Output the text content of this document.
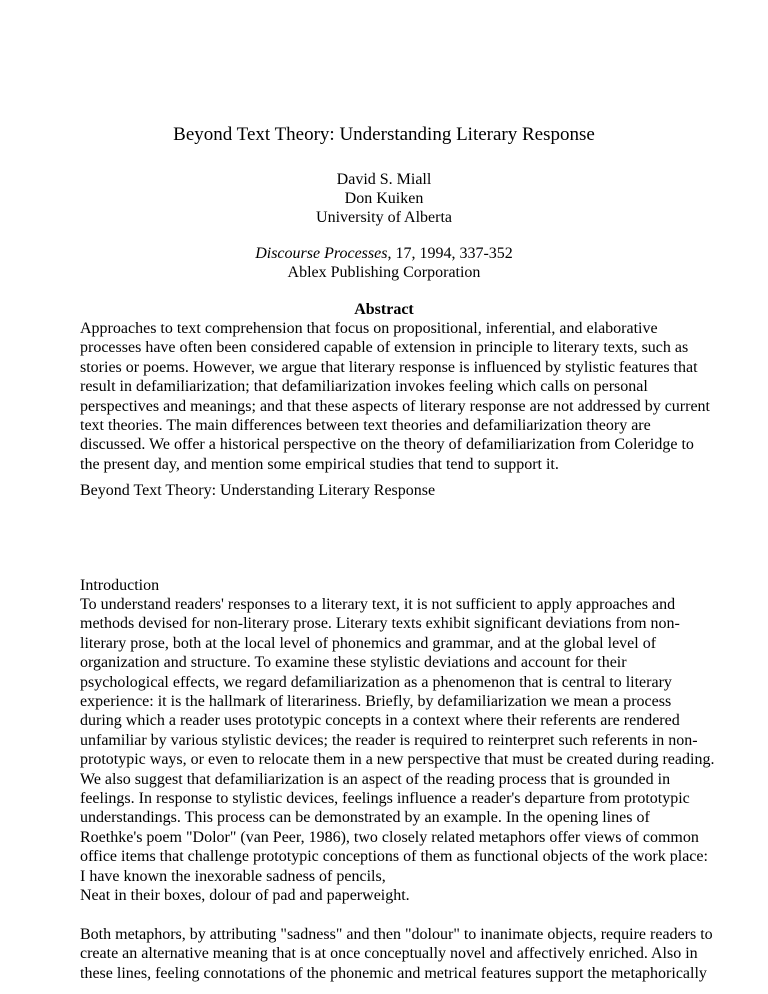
Beyond Text Theory: Understanding Literary Response
David S. Miall
Don Kuiken
University of Alberta
Discourse Processes, 17, 1994, 337-352
Ablex Publishing Corporation
Abstract
Approaches to text comprehension that focus on propositional, inferential, and elaborative
processes have often been considered capable of extension in principle to literary texts, such as
stories or poems. However, we argue that literary response is influenced by stylistic features that
result in defamiliarization; that defamiliarization invokes feeling which calls on personal
perspectives and meanings; and that these aspects of literary response are not addressed by current
text theories. The main differences between text theories and defamiliarization theory are
discussed. We offer a historical perspective on the theory of defamiliarization from Coleridge to
the present day, and mention some empirical studies that tend to support it.
Beyond Text Theory: Understanding Literary Response
Introduction
To understand readers' responses to a literary text, it is not sufficient to apply approaches and
methods devised for non-literary prose. Literary texts exhibit significant deviations from non-
literary prose, both at the local level of phonemics and grammar, and at the global level of
organization and structure. To examine these stylistic deviations and account for their
psychological effects, we regard defamiliarization as a phenomenon that is central to literary
experience: it is the hallmark of literariness. Briefly, by defamiliarization we mean a process
during which a reader uses prototypic concepts in a context where their referents are rendered
unfamiliar by various stylistic devices; the reader is required to reinterpret such referents in non-
prototypic ways, or even to relocate them in a new perspective that must be created during reading.
We also suggest that defamiliarization is an aspect of the reading process that is grounded in
feelings. In response to stylistic devices, feelings influence a reader's departure from prototypic
understandings. This process can be demonstrated by an example. In the opening lines of
Roethke's poem "Dolor" (van Peer, 1986), two closely related metaphors offer views of common
office items that challenge prototypic conceptions of them as functional objects of the work place:
I have known the inexorable sadness of pencils,
Neat in their boxes, dolour of pad and paperweight.

Both metaphors, by attributing "sadness" and then "dolour" to inanimate objects, require readers to
create an alternative meaning that is at once conceptually novel and affectively enriched. Also in
these lines, feeling connotations of the phonemic and metrical features support the metaphorically
